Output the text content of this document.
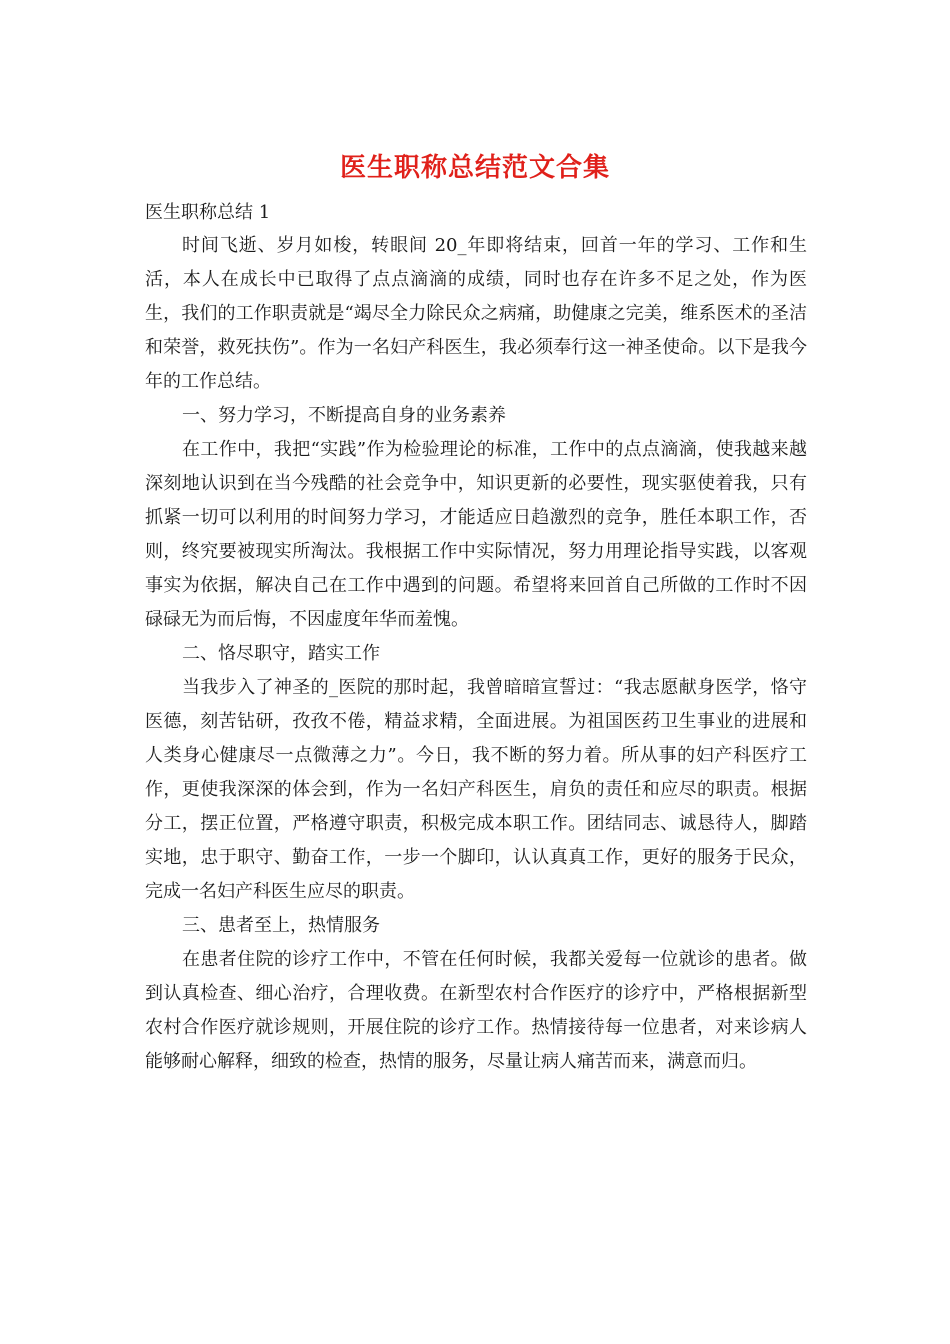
医生职称总结范文合集
医生职称总结 1

时间飞逝、岁月如梭，转眼间 20_年即将结束，回首一年的学习、工作和生活，本人在成长中已取得了点点滴滴的成绩，同时也存在许多不足之处，作为医生，我们的工作职责就是“竭尽全力除民众之病痛，助健康之完美，维系医术的圣洁和荣誉，救死扶伤”。作为一名妇产科医生，我必须奉行这一神圣使命。以下是我今年的工作总结。

一、努力学习，不断提高自身的业务素养

在工作中，我把“实践”作为检验理论的标准，工作中的点点滴滴，使我越来越深刻地认识到在当今残酷的社会竞争中，知识更新的必要性，现实驱使着我，只有抓紧一切可以利用的时间努力学习，才能适应日趋激烈的竞争，胜任本职工作，否则，终究要被现实所淘汰。我根据工作中实际情况，努力用理论指导实践，以客观事实为依据，解决自己在工作中遇到的问题。希望将来回首自己所做的工作时不因碌碌无为而后悔，不因虚度年华而羞愧。

二、恪尽职守，踏实工作

当我步入了神圣的_医院的那时起，我曾暗暗宣誓过：“我志愿献身医学，恪守医德，刻苦钻研，孜孜不倦，精益求精，全面进展。为祖国医药卫生事业的进展和人类身心健康尽一点微薄之力”。今日，我不断的努力着。所从事的妇产科医疗工作，更使我深深的体会到，作为一名妇产科医生，肩负的责任和应尽的职责。根据分工，摆正位置，严格遵守职责，积极完成本职工作。团结同志、诚恳待人，脚踏实地，忠于职守、勤奋工作，一步一个脚印，认认真真工作，更好的服务于民众，完成一名妇产科医生应尽的职责。

三、患者至上，热情服务

在患者住院的诊疗工作中，不管在任何时候，我都关爱每一位就诊的患者。做到认真检查、细心治疗，合理收费。在新型农村合作医疗的诊疗中，严格根据新型农村合作医疗就诊规则，开展住院的诊疗工作。热情接待每一位患者，对来诊病人能够耐心解释，细致的检查，热情的服务，尽量让病人痛苦而来，满意而归。
